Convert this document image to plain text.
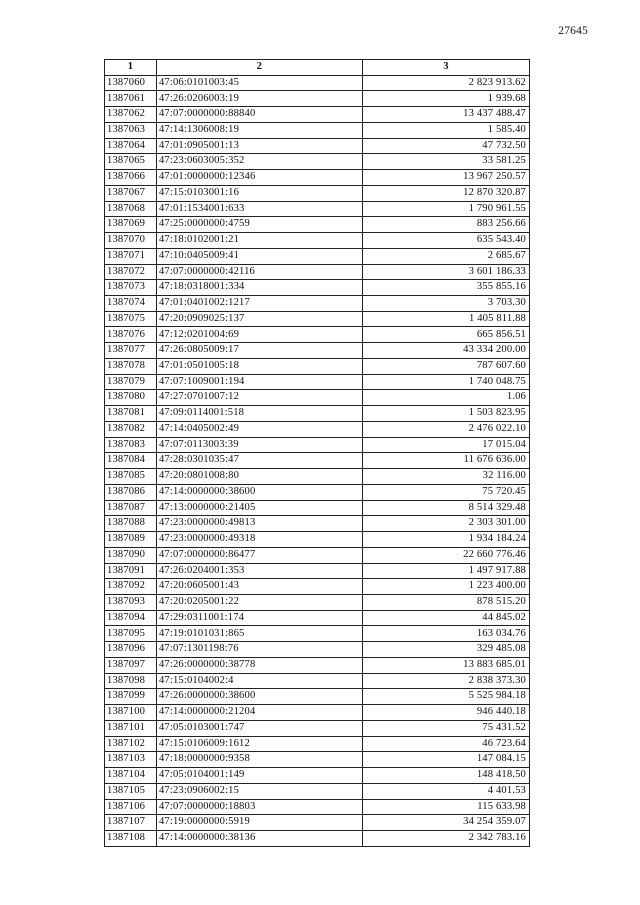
27645
1	2	3
1387060	47:06:0101003:45	2 823 913.62
1387061	47:26:0206003:19	1 939.68
1387062	47:07:0000000:88840	13 437 488.47
1387063	47:14:1306008:19	1 585.40
1387064	47:01:0905001:13	47 732.50
1387065	47:23:0603005:352	33 581.25
1387066	47:01:0000000:12346	13 967 250.57
1387067	47:15:0103001:16	12 870 320.87
1387068	47:01:1534001:633	1 790 961.55
1387069	47:25:0000000:4759	883 256.66
1387070	47:18:0102001:21	635 543.40
1387071	47:10:0405009:41	2 685.67
1387072	47:07:0000000:42116	3 601 186.33
1387073	47:18:0318001:334	355 855.16
1387074	47:01:0401002:1217	3 703.30
1387075	47:20:0909025:137	1 405 811.88
1387076	47:12:0201004:69	665 856.51
1387077	47:26:0805009:17	43 334 200.00
1387078	47:01:0501005:18	787 607.60
1387079	47:07:1009001:194	1 740 048.75
1387080	47:27:0701007:12	1.06
1387081	47:09:0114001:518	1 503 823.95
1387082	47:14:0405002:49	2 476 022.10
1387083	47:07:0113003:39	17 015.04
1387084	47:28:0301035:47	11 676 636.00
1387085	47:20:0801008:80	32 116.00
1387086	47:14:0000000:38600	75 720.45
1387087	47:13:0000000:21405	8 514 329.48
1387088	47:23:0000000:49813	2 303 301.00
1387089	47:23:0000000:49318	1 934 184.24
1387090	47:07:0000000:86477	22 660 776.46
1387091	47:26:0204001:353	1 497 917.88
1387092	47:20:0605001:43	1 223 400.00
1387093	47:20:0205001:22	878 515.20
1387094	47:29:0311001:174	44 845.02
1387095	47:19:0101031:865	163 034.76
1387096	47:07:1301198:76	329 485.08
1387097	47:26:0000000:38778	13 883 685.01
1387098	47:15:0104002:4	2 838 373.30
1387099	47:26:0000000:38600	5 525 984.18
1387100	47:14:0000000:21204	946 440.18
1387101	47:05:0103001:747	75 431.52
1387102	47:15:0106009:1612	46 723.64
1387103	47:18:0000000:9358	147 084.15
1387104	47:05:0104001:149	148 418.50
1387105	47:23:0906002:15	4 401.53
1387106	47:07:0000000:18803	115 633.98
1387107	47:19:0000000:5919	34 254 359.07
1387108	47:14:0000000:38136	2 342 783.16
